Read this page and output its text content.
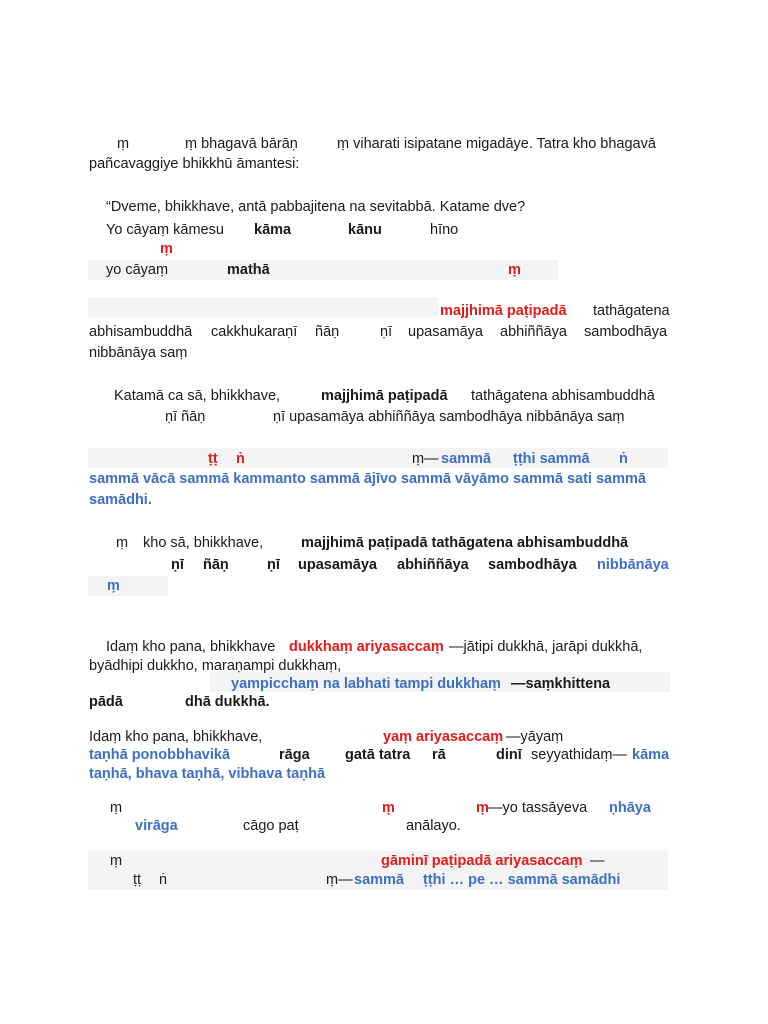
ṃ	ṃ bhagavā bārāṇ	ṃ viharati isipatane migadāye. Tatra kho bhagavā
pañcavaggiye bhikkhū āmantesi:
“Dveme, bhikkhave, antā pabbajitena na sevitabbā. Katame dve?
Yo cāyaṃ kāmesu kāma	kānu	hīno
ṃ
yo cāyaṃ	mathā	ṃ
majjhimā paṭipadā tathāgatena
abhisambuddhā cakkhukaraṇī ñāṇ	ṇī upasamāya abhiññāya sambodhāya
nibbānāya saṃ
Katamā ca sā, bhikkhave,	majjhimā paṭipadā tathāgatena abhisambuddhā
ṇī ñāṇ	ṇī upasamāya abhiññāya sambodhāya nibbānāya saṃ
ṭṭ ṅ	ṃ— sammā ṭṭhi sammā ṅ
sammā vācā sammā kammanto sammā ājīvo sammā vāyāmo sammā sati sammā
samādhi.
ṃ kho sā, bhikkhave,	majjhimā paṭipadā tathāgatena abhisambuddhā
ṇī ñāṇ	ṇī upasamāya abhiññāya sambodhāya nibbānāya
ṃ
Idaṃ kho pana, bhikkhave dukkhaṃ ariyasaccaṃ —jātipi dukkhā, jarāpi dukkhā,
byādhipi dukkho, maraṇampi dukkhaṃ,
yampicchaṃ na labhati tampi dukkhaṃ —saṃkhittena
pādā	dhā dukkhā.
Idaṃ kho pana, bhikkhave,	yaṃ ariyasaccaṃ —yāyaṃ
taṇhā ponobbhavikā	rāga gatā tatra rā	dinī seyyathidaṃ— kāma
taṇhā, bhava taṇhā, vibhava taṇhā
ṃ	ṃ	ṃ —yo tassāyeva ṇhāya
virāga	cāgo paṭ	anālayo.
ṃ	gāminī paṭipadā ariyasaccaṃ —
ṭṭ ṅ	ṃ— sammā ṭṭhi … pe … sammā samādhi
